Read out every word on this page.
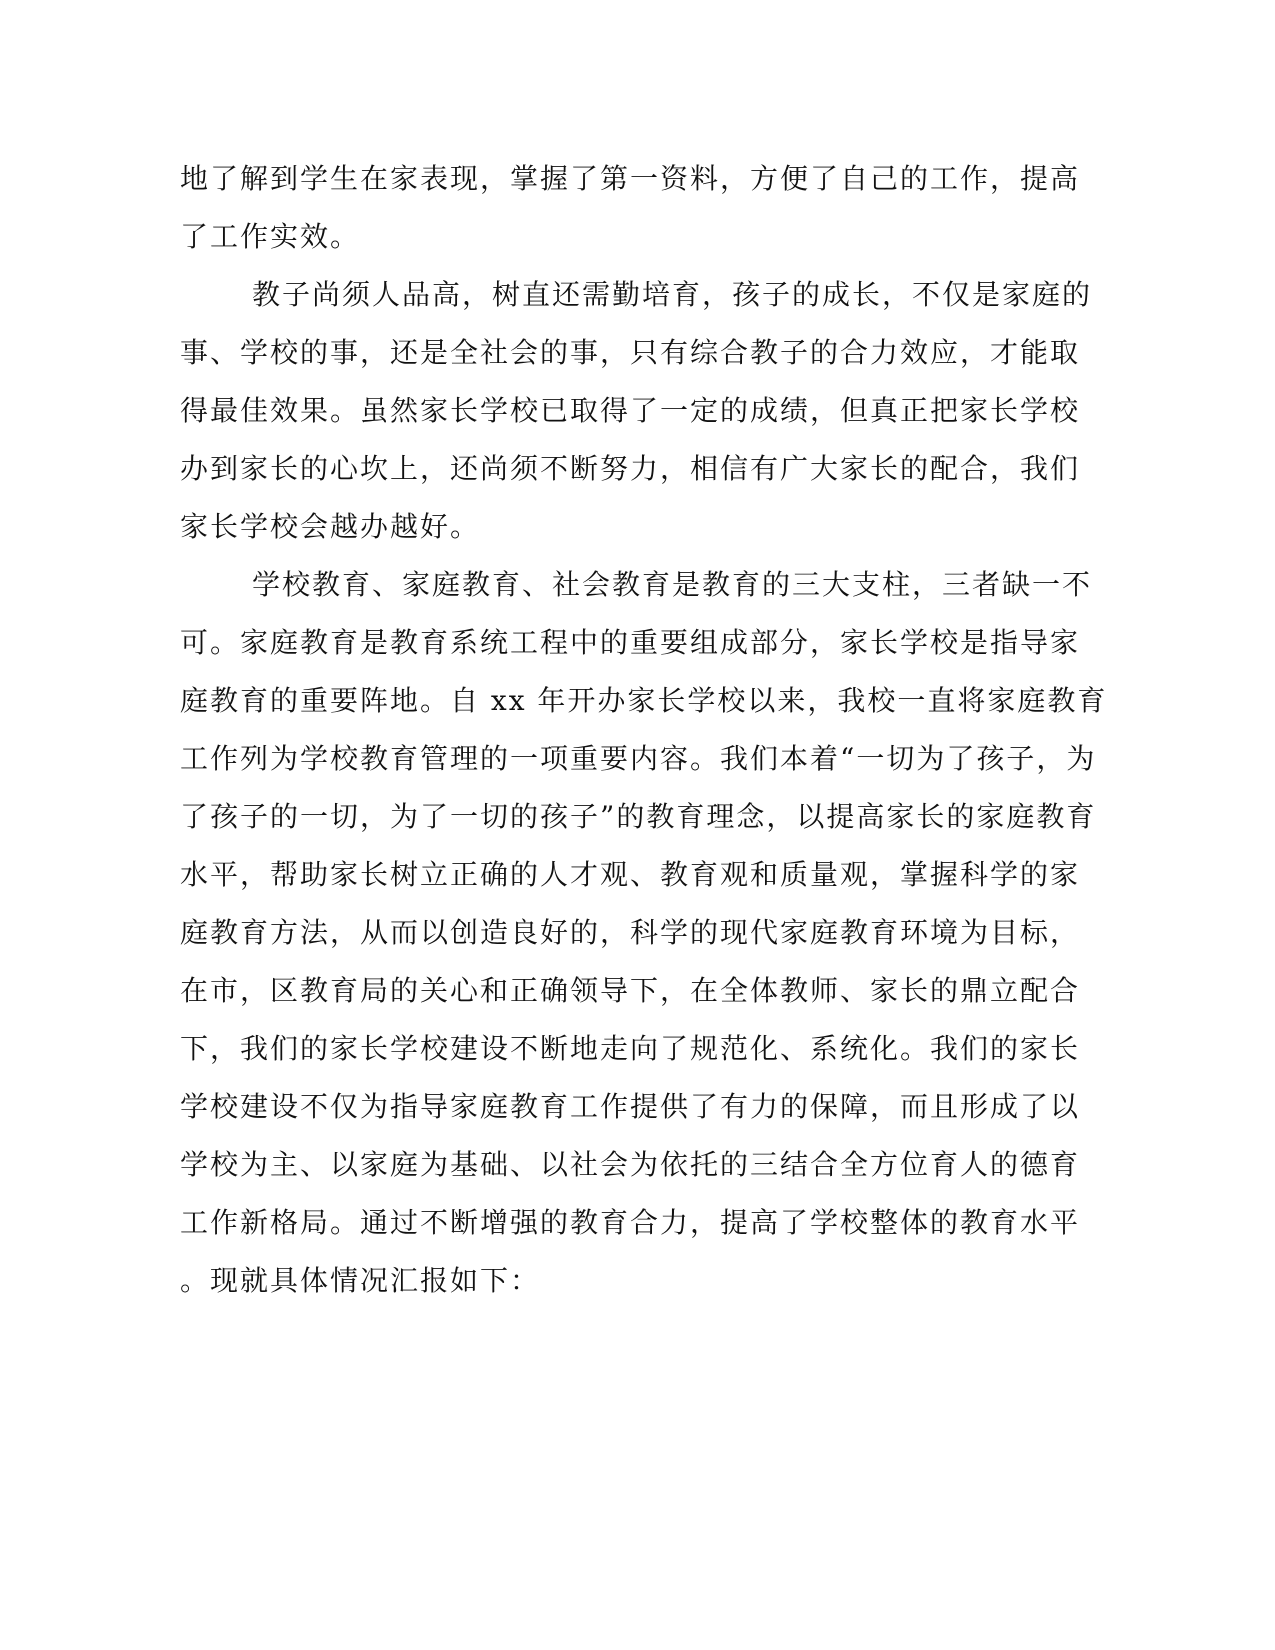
地了解到学生在家表现，掌握了第一资料，方便了自己的工作，提高
了工作实效。
教子尚须人品高，树直还需勤培育，孩子的成长，不仅是家庭的
事、学校的事，还是全社会的事，只有综合教子的合力效应，才能取
得最佳效果。虽然家长学校已取得了一定的成绩，但真正把家长学校
办到家长的心坎上，还尚须不断努力，相信有广大家长的配合，我们
家长学校会越办越好。
学校教育、家庭教育、社会教育是教育的三大支柱，三者缺一不
可。家庭教育是教育系统工程中的重要组成部分，家长学校是指导家
庭教育的重要阵地。自 xx 年开办家长学校以来，我校一直将家庭教育
工作列为学校教育管理的一项重要内容。我们本着“一切为了孩子，为
了孩子的一切，为了一切的孩子”的教育理念，以提高家长的家庭教育
水平，帮助家长树立正确的人才观、教育观和质量观，掌握科学的家
庭教育方法，从而以创造良好的，科学的现代家庭教育环境为目标，
在市，区教育局的关心和正确领导下，在全体教师、家长的鼎立配合
下，我们的家长学校建设不断地走向了规范化、系统化。我们的家长
学校建设不仅为指导家庭教育工作提供了有力的保障，而且形成了以
学校为主、以家庭为基础、以社会为依托的三结合全方位育人的德育
工作新格局。通过不断增强的教育合力，提高了学校整体的教育水平
。现就具体情况汇报如下：
